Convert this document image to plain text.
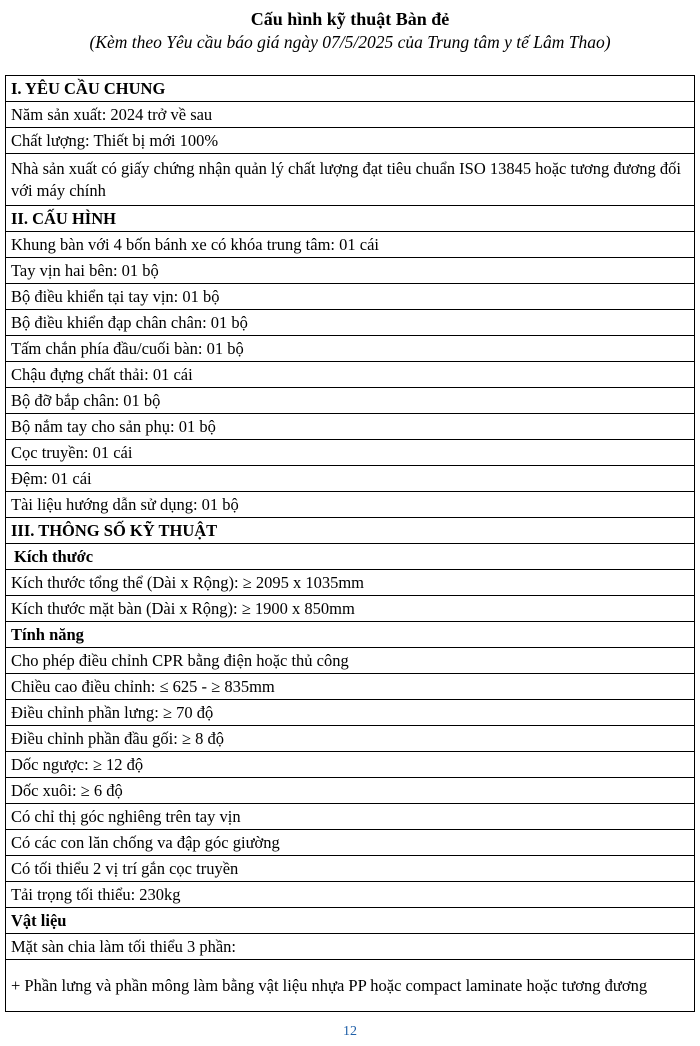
Cấu hình kỹ thuật Bàn đẻ
(Kèm theo Yêu cầu báo giá ngày 07/5/2025 của Trung tâm y tế Lâm Thao)
I. YÊU CẦU CHUNG
Năm sản xuất: 2024 trở về sau
Chất lượng: Thiết bị mới 100%
Nhà sản xuất có giấy chứng nhận quản lý chất lượng đạt tiêu chuẩn ISO 13845 hoặc tương đương đối với máy chính
II. CẤU HÌNH
Khung bàn với 4 bốn bánh xe có khóa trung tâm: 01 cái
Tay vịn hai bên: 01 bộ
Bộ điều khiển tại tay vịn: 01 bộ
Bộ điều khiển đạp chân chân: 01 bộ
Tấm chắn phía đầu/cuối bàn: 01 bộ
Chậu đựng chất thải: 01 cái
Bộ đỡ bắp chân: 01 bộ
Bộ nắm tay cho sản phụ: 01 bộ
Cọc truyền: 01 cái
Đệm: 01 cái
Tài liệu hướng dẫn sử dụng: 01 bộ
III. THÔNG SỐ KỸ THUẬT
Kích thước
Kích thước tổng thể (Dài x Rộng): ≥ 2095 x 1035mm
Kích thước mặt bàn (Dài x Rộng): ≥ 1900 x 850mm
Tính năng
Cho phép điều chỉnh CPR bằng điện hoặc thủ công
Chiều cao điều chỉnh: ≤ 625 - ≥ 835mm
Điều chỉnh phần lưng: ≥ 70 độ
Điều chỉnh phần đầu gối: ≥ 8 độ
Dốc ngược: ≥ 12 độ
Dốc xuôi: ≥ 6 độ
Có chỉ thị góc nghiêng trên tay vịn
Có các con lăn chống va đập góc giường
Có tối thiểu 2 vị trí gắn cọc truyền
Tải trọng tối thiểu: 230kg
Vật liệu
Mặt sàn chia làm tối thiểu 3 phần:
+ Phần lưng và phần mông làm bằng vật liệu nhựa PP hoặc compact laminate hoặc tương đương
12
